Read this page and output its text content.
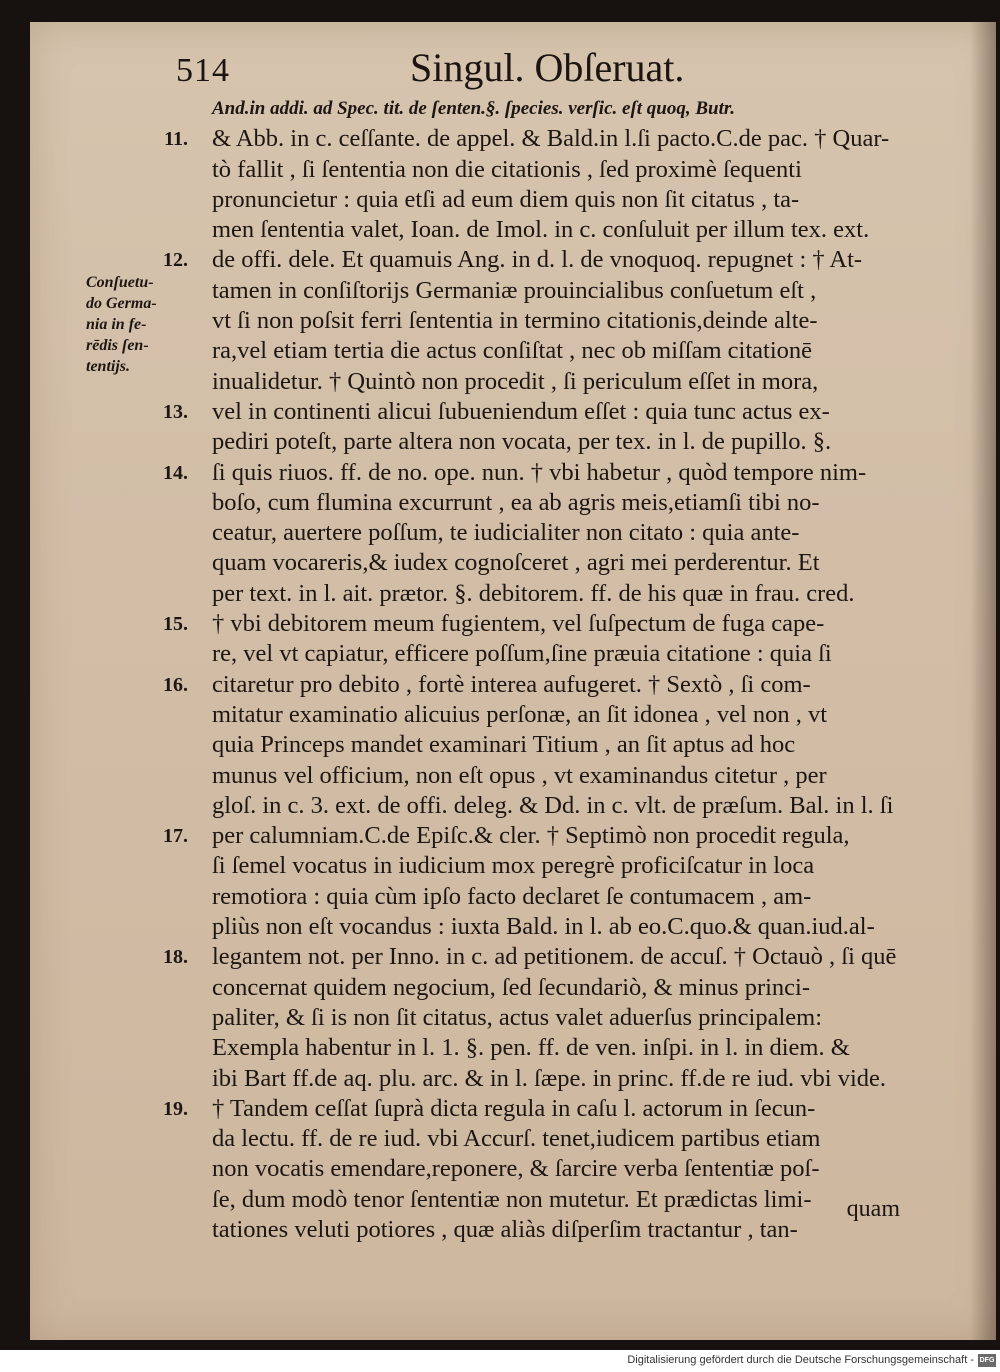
514	Singul. Obſeruat.
Conſuetu-
do Germa-
nia in fe-
rēdis ſen-
tentijs.
And.in addi. ad Spec. tit. de ſenten.§. ſpecies. verſic. eſt quoq, Butr.
11. & Abb. in c. ceſſante. de appel. & Bald.in l.ſi pacto.C.de pac. † Quar-
tò fallit , ſi ſententia non die citationis , ſed proximè ſequenti
pronuncietur : quia etſi ad eum diem quis non ſit citatus , ta-
men ſententia valet, Ioan. de Imol. in c. conſuluit per illum tex. ext.
12. de offi. dele. Et quamuis Ang. in d. l. de vnoquoq. repugnet : † At-
tamen in conſiſtorijs Germaniæ prouincialibus conſuetum eſt ,
vt ſi non poſsit ferri ſententia in termino citationis,deinde alte-
ra,vel etiam tertia die actus conſiſtat , nec ob miſſam citationē
inualidetur. † Quintò non procedit , ſi periculum eſſet in mora,
13. vel in continenti alicui ſubueniendum eſſet : quia tunc actus ex-
pediri poteſt, parte altera non vocata, per tex. in l. de pupillo. §.
14. ſi quis riuos. ff. de no. ope. nun. † vbi habetur , quòd tempore nim-
boſo, cum flumina excurrunt , ea ab agris meis,etiamſi tibi no-
ceatur, auertere poſſum, te iudicialiter non citato : quia ante-
quam vocareris,& iudex cognoſceret , agri mei perderentur. Et
per text. in l. ait. prætor. §. debitorem. ff. de his quæ in frau. cred.
15. † vbi debitorem meum fugientem, vel ſuſpectum de fuga cape-
re, vel vt capiatur, efficere poſſum,ſine præuia citatione : quia ſi
16. citaretur pro debito , fortè interea aufugeret. † Sextò , ſi com-
mitatur examinatio alicuius perſonæ, an ſit idonea , vel non , vt
quia Princeps mandet examinari Titium , an ſit aptus ad hoc
munus vel officium, non eſt opus , vt examinandus citetur , per
gloſ. in c. 3. ext. de offi. deleg. & Dd. in c. vlt. de præſum. Bal. in l. ſi
17. per calumniam.C.de Epiſc.& cler. † Septimò non procedit regula,
ſi ſemel vocatus in iudicium mox peregrè proficiſcatur in loca
remotiora : quia cùm ipſo facto declaret ſe contumacem , am-
pliùs non eſt vocandus : iuxta Bald. in l. ab eo.C.quo.& quan.iud.al-
18. legantem not. per Inno. in c. ad petitionem. de accuſ. † Octauò , ſi quē
concernat quidem negocium, ſed ſecundariò, & minus princi-
paliter, & ſi is non ſit citatus, actus valet aduerſus principalem:
Exempla habentur in l. 1. §. pen. ff. de ven. inſpi. in l. in diem. &
ibi Bart ff.de aq. plu. arc. & in l. ſæpe. in princ. ff.de re iud. vbi vide.
19. † Tandem ceſſat ſuprà dicta regula in caſu l. actorum in ſecun-
da lectu. ff. de re iud. vbi Accurſ. tenet,iudicem partibus etiam
non vocatis emendare,reponere, & ſarcire verba ſententiæ poſ-
ſe, dum modò tenor ſententiæ non mutetur. Et prædictas limi-
tationes veluti potiores , quæ aliàs diſperſim tractantur , tan-
quam
Digitalisierung gefördert durch die Deutsche Forschungsgemeinschaft - DFG
